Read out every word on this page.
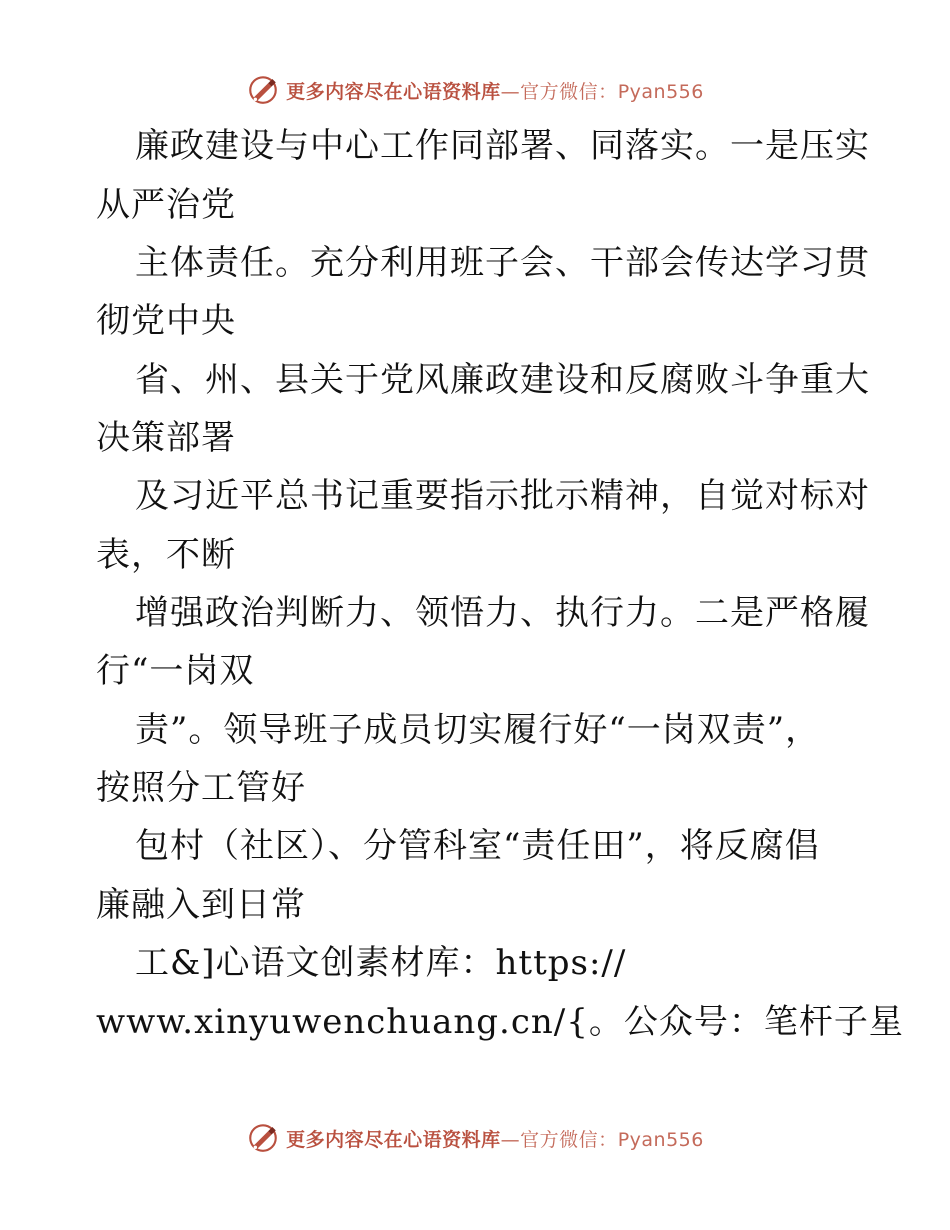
更多内容尽在心语资料库—官方微信：Pyan556
廉政建设与中心工作同部署、同落实。一是压实
从严治党
主体责任。充分利用班子会、干部会传达学习贯
彻党中央
省、州、县关于党风廉政建设和反腐败斗争重大
决策部署
及习近平总书记重要指示批示精神，自觉对标对
表，不断
增强政治判断力、领悟力、执行力。二是严格履
行“一岗双
责”。领导班子成员切实履行好“一岗双责”，
按照分工管好
包村（社区）、分管科室“责任田”，将反腐倡
廉融入到日常
工&]心语文创素材库：https://
www.xinyuwenchuang.cn/{。公众号：笔杆子星
更多内容尽在心语资料库—官方微信：Pyan556
